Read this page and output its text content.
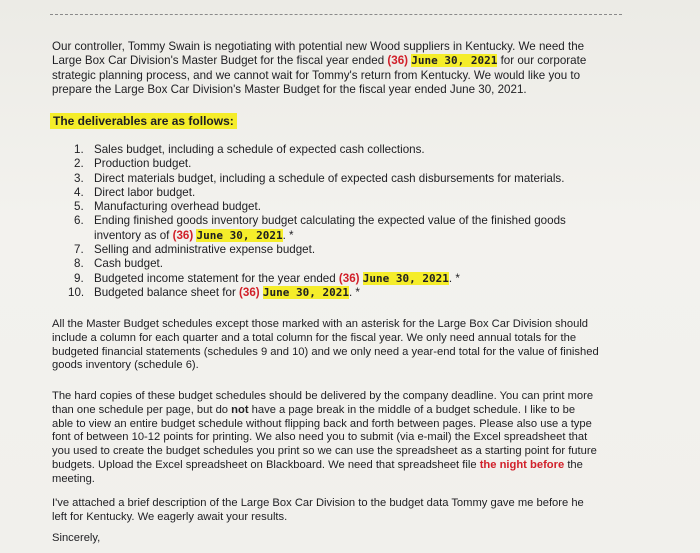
Our controller, Tommy Swain is negotiating with potential new Wood suppliers in Kentucky. We need the
Large Box Car Division's Master Budget for the fiscal year ended (36) June 30, 2021 for our corporate
strategic planning process, and we cannot wait for Tommy's return from Kentucky. We would like you to
prepare the Large Box Car Division's Master Budget for the fiscal year ended June 30, 2021.
The deliverables are as follows:
1. Sales budget, including a schedule of expected cash collections.
2. Production budget.
3. Direct materials budget, including a schedule of expected cash disbursements for materials.
4. Direct labor budget.
5. Manufacturing overhead budget.
6. Ending finished goods inventory budget calculating the expected value of the finished goods
inventory as of (36) June 30, 2021. *
7. Selling and administrative expense budget.
8. Cash budget.
9. Budgeted income statement for the year ended (36) June 30, 2021. *
10. Budgeted balance sheet for (36) June 30, 2021. *
All the Master Budget schedules except those marked with an asterisk for the Large Box Car Division should
include a column for each quarter and a total column for the fiscal year. We only need annual totals for the
budgeted financial statements (schedules 9 and 10) and we only need a year-end total for the value of finished
goods inventory (schedule 6).
The hard copies of these budget schedules should be delivered by the company deadline. You can print more
than one schedule per page, but do not have a page break in the middle of a budget schedule. I like to be
able to view an entire budget schedule without flipping back and forth between pages. Please also use a type
font of between 10-12 points for printing. We also need you to submit (via e-mail) the Excel spreadsheet that
you used to create the budget schedules you print so we can use the spreadsheet as a starting point for future
budgets. Upload the Excel spreadsheet on Blackboard. We need that spreadsheet file the night before the
meeting.
I've attached a brief description of the Large Box Car Division to the budget data Tommy gave me before he
left for Kentucky. We eagerly await your results.
Sincerely,
